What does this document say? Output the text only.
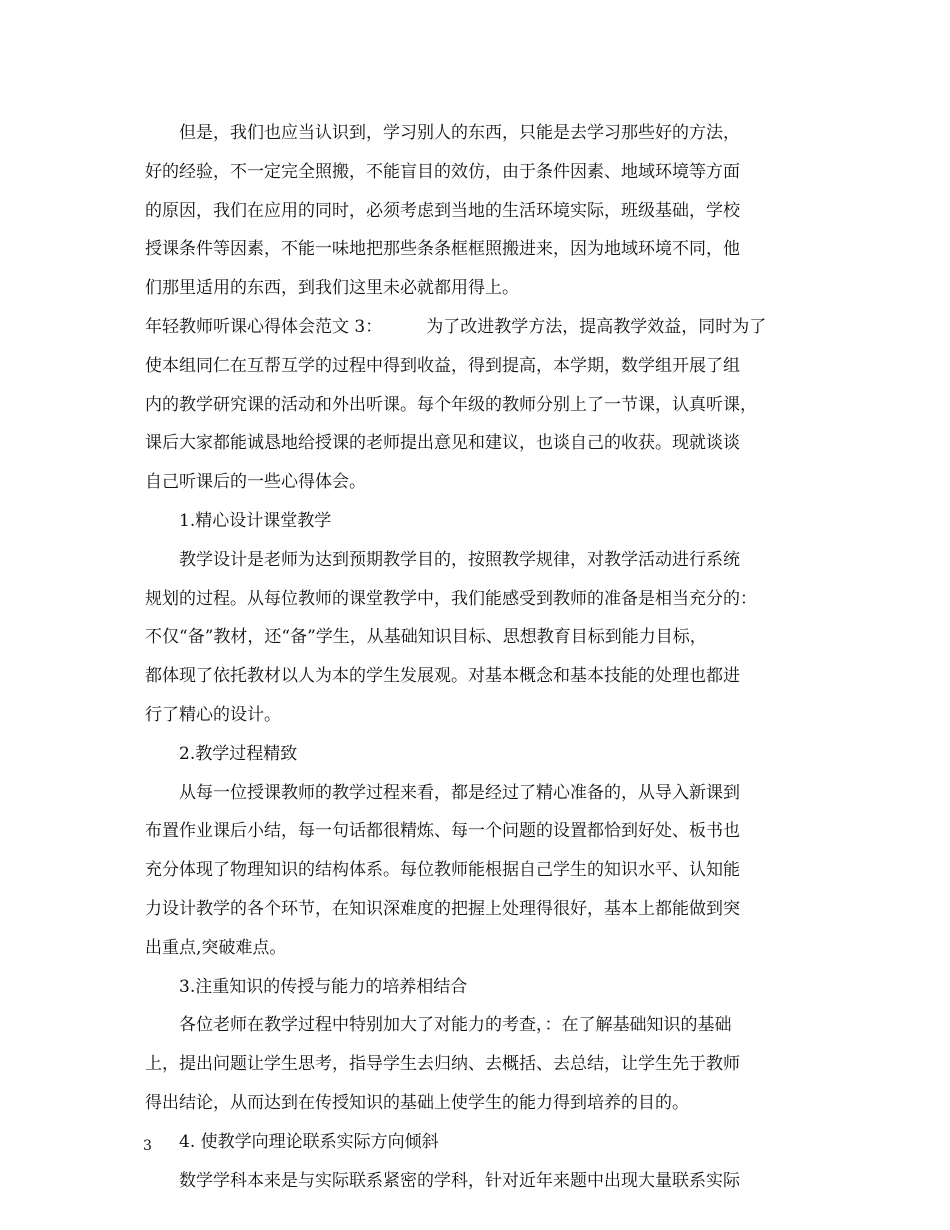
但是，我们也应当认识到，学习别人的东西，只能是去学习那些好的方法，
好的经验，不一定完全照搬，不能盲目的效仿，由于条件因素、地域环境等方面
的原因，我们在应用的同时，必须考虑到当地的生活环境实际，班级基础，学校
授课条件等因素，不能一味地把那些条条框框照搬进来，因为地域环境不同，他
们那里适用的东西，到我们这里未必就都用得上。
年轻教师听课心得体会范文 3：	为了改进教学方法，提高教学效益，同时为了
使本组同仁在互帮互学的过程中得到收益，得到提高，本学期，数学组开展了组
内的教学研究课的活动和外出听课。每个年级的教师分别上了一节课，认真听课，
课后大家都能诚恳地给授课的老师提出意见和建议，也谈自己的收获。现就谈谈
自己听课后的一些心得体会。
1.精心设计课堂教学
教学设计是老师为达到预期教学目的，按照教学规律，对教学活动进行系统
规划的过程。从每位教师的课堂教学中，我们能感受到教师的准备是相当充分的：
不仅“备”教材，还“备”学生，从基础知识目标、思想教育目标到能力目标，
都体现了依托教材以人为本的学生发展观。对基本概念和基本技能的处理也都进
行了精心的设计。
2.教学过程精致
从每一位授课教师的教学过程来看，都是经过了精心准备的，从导入新课到
布置作业课后小结，每一句话都很精炼、每一个问题的设置都恰到好处、板书也
充分体现了物理知识的结构体系。每位教师能根据自己学生的知识水平、认知能
力设计教学的各个环节，在知识深难度的把握上处理得很好，基本上都能做到突
出重点,突破难点。
3.注重知识的传授与能力的培养相结合
各位老师在教学过程中特别加大了对能力的考查，：在了解基础知识的基础
上，提出问题让学生思考，指导学生去归纳、去概括、去总结，让学生先于教师
得出结论，从而达到在传授知识的基础上使学生的能力得到培养的目的。
4. 使教学向理论联系实际方向倾斜
数学学科本来是与实际联系紧密的学科，针对近年来题中出现大量联系实际
3
